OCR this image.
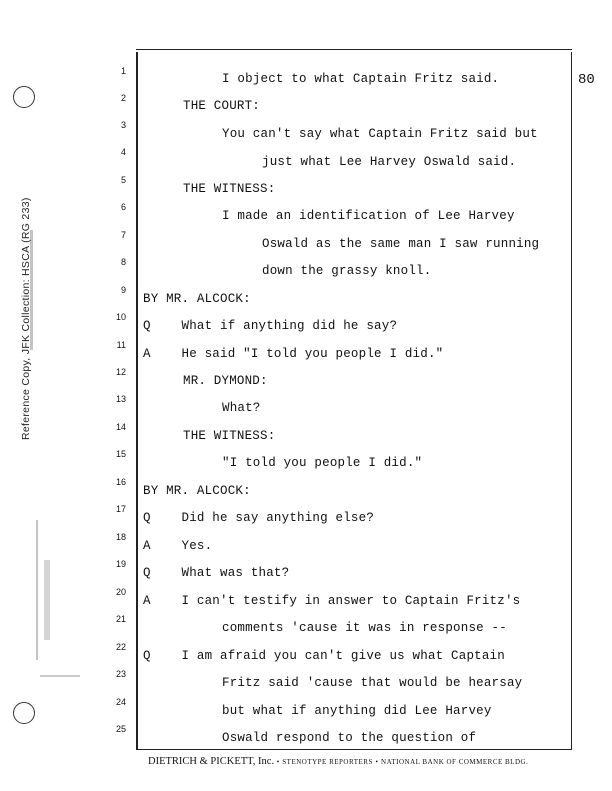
Reference Copy, JFK Collection: HSCA (RG 233)
80
1
2
3
4
5
6
7
8
9
10
11
12
13
14
15
16
17
18
19
20
21
22
23
24
25
I object to what Captain Fritz said.
THE COURT:
You can't say what Captain Fritz said but
just what Lee Harvey Oswald said.
THE WITNESS:
I made an identification of Lee Harvey
Oswald as the same man I saw running
down the grassy knoll.
BY MR. ALCOCK:
Q    What if anything did he say?
A    He said "I told you people I did."
MR. DYMOND:
What?
THE WITNESS:
"I told you people I did."
BY MR. ALCOCK:
Q    Did he say anything else?
A    Yes.
Q    What was that?
A    I can't testify in answer to Captain Fritz's
comments 'cause it was in response --
Q    I am afraid you can't give us what Captain
Fritz said 'cause that would be hearsay
but what if anything did Lee Harvey
Oswald respond to the question of
DIETRICH & PICKETT, Inc. • STENOTYPE REPORTERS • NATIONAL BANK OF COMMERCE BLDG.
